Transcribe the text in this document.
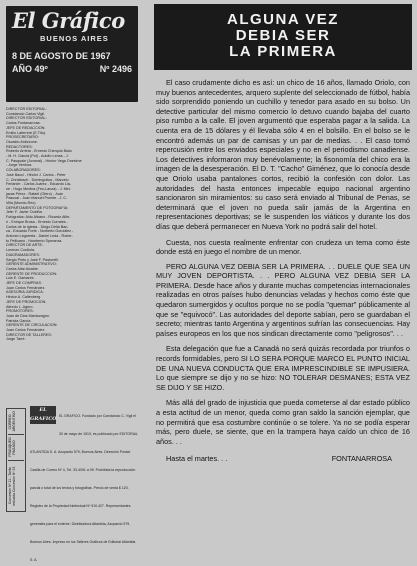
El Gráfico
BUENOS AIRES
8 DE AGOSTO DE 1967
AÑO 49º	Nº 2496
DIRECTOR EDITORIAL:
Constancio Carlos Vigil.
DIRECTOR EDITORIAL:
Carlos Fontanarrosa.
JEFE DE REDACCION:
Emilio Laferrere (E.Tito).
PROSECRETARIO:
Osvaldo Ardizzone.
REDACTORES:
Roberto Arrieta - Ernesto Cherquis Bialo
- M. H. García (Pol) - Adolfo Lenas - J.
C. Pasquale (Juvenal) - Héctor Vega Onesime
- Jorge Ventura.
COLABORADORES:
José Bacci - Héctor J. Carlos - Peter
C. Christbach - Dominguitos - Marcelo
Ferlanier - Carlos Juárez - Eduardo Lla-
ne - Hugo Medina (Feo-Lanza) - J. Mel-
jazas Pérez - Rafael (Otero) - Juan
Pascual - Juan Manuel Puente - J. C.
Villa (Mundo-Rex).
DEPARTAMENTO DE FOTOGRAFIA:
Jefe: F. Javier Oubiña.
Fotógrafos: Aldo Albano - Ricardo Alfie-
ri - Enrique Brusa - Ernesto Corrales -
Carlos de la Iglesia - Diego Della Ban-
ca - Eduardo Forte - Norberto González -
Antonio Legarreta - Daniel Leda - Rober-
to Pellicano - Humberto Speranza.
DIRECTOR DE ARTE:
Lorenzo Cordiola.
DIAGRAMADORES:
Sergio Pinto y José F. Pastorelli.
GERENTE ADMINISTRATIVO:
Carlos Allar Alcalde.
GERENTE DE PRODUCCION:
Luis E. Garbarini.
JEFE DE COMPRAS:
Juan Carlos Fernández.
ASESORIA JURIDICA:
Héctor A. Caltenberg.
JEFE DE PROMOCION:
Alfredo L. Agero.
PROMOTORES:
Juan de Dios Mantovagno.
Patricia García.
GERENTE DE CIRCULACION:
Juan Carlos Fernández.
DIRECTOR DE TALLERES:
Jorge Tarré.
CORREO ARGENTINO
FRANQUEO PAGADO
Concesión Nº 21 - Tarifa reducida Concesión Nº 23
EL GRAFICO EL GRAFICO. Fundado por Constancio C. Vigil el 30 de mayo de 1919, es publicado por EDITORIAL ATLANTIDA S. A. Azopardo 579, Buenos Aires. Dirección Postal: Casilla de Correo Nº 4, Tel. 33-4091 a 99. Prohibida la reproducción parcial o total de los textos y fotografías. Precio de venta $ 120. Registro de la Propiedad Intelectual Nº 910.427. Representantes generales para el exterior: Distribuidora Atlántida, Azopardo 579, Buenos Aires. Impreso en los Talleres Gráficos de Editorial Atlántida S. A.
ALGUNA VEZ
DEBIA SER
LA PRIMERA

El caso crudamente dicho es así: un chico de 16 años, llamado Oriolo, con muy buenos antecedentes, arquero suplente del seleccionado de fútbol, había sido sorprendido poniendo un cuchillo y tenedor para asado en su bolso. Un detective particular del mismo comercio lo detuvo cuando bajaba del cuarto piso rumbo a la calle. El joven argumentó que esperaba pagar a la salida. La cuenta era de 15 dólares y él llevaba sólo 4 en el bolsillo. En el bolso se le encontró además un par de camisas y un par de medias. . . El caso tomó repercusión entre los enviados especiales y no en el periodismo canadiense. Los detectives informaron muy benévolamente; la fisonomía del chico era la imagen de la desesperación. El D. T. "Cacho" Giménez, que lo conocía desde que Oriolo usaba pantalones cortos, recibió la confesión con dolor. Las autoridades del hasta entonces impecable equipo nacional argentino sancionaron sin miramientos: su caso será enviado al Tribunal de Penas, se determinará que el joven no pueda salir jamás de la Argentina en representaciones deportivas; se le suspenden los viáticos y durante los dos días que deberá permanecer en Nueva York no podrá salir del hotel.

Cuesta, nos cuesta realmente enfrentar con crudeza un tema como éste donde está en juego el nombre de un menor.

PERO ALGUNA VEZ DEBIA SER LA PRIMERA. . . DUELE QUE SEA UN MUY JOVEN DEPORTISTA. . . PERO ALGUNA VEZ DEBIA SER LA PRIMERA. Desde hace años y durante muchas competencias internacionales realizadas en otros países hubo denuncias veladas y hechos como éste que quedaron sumergidos y ocultos porque no se podía "quemar" públicamente al que se "equivocó". Las autoridades del deporte sabían, pero se guardaban el secreto; mientras tanto Argentina y argentinos sufrían las consecuencias. Hay países europeos en los que nos sindican directamente como "peligrosos". . .

Esta delegación que fue a Canadá no será quizás recordada por triunfos o records formidables, pero SI LO SERA PORQUE MARCO EL PUNTO INICIAL DE UNA NUEVA CONDUCTA QUE ERA IMPRESCINDIBLE SE IMPUSIERA. Lo que siempre se dijo y no se hizo: NO TOLERAR DESMANES; ESTA VEZ SE DIJO Y SE HIZO.

Más allá del grado de injusticia que pueda cometerse al dar estado público a esta actitud de un menor, queda como gran saldo la sanción ejemplar, que no permitirá que esa costumbre continúe o se tolere. Ya no se podía esperar más, pero duele, se siente, que en la trampera haya caído un chico de 16 años. . .

Hasta el martes. . .	FONTANARROSA
